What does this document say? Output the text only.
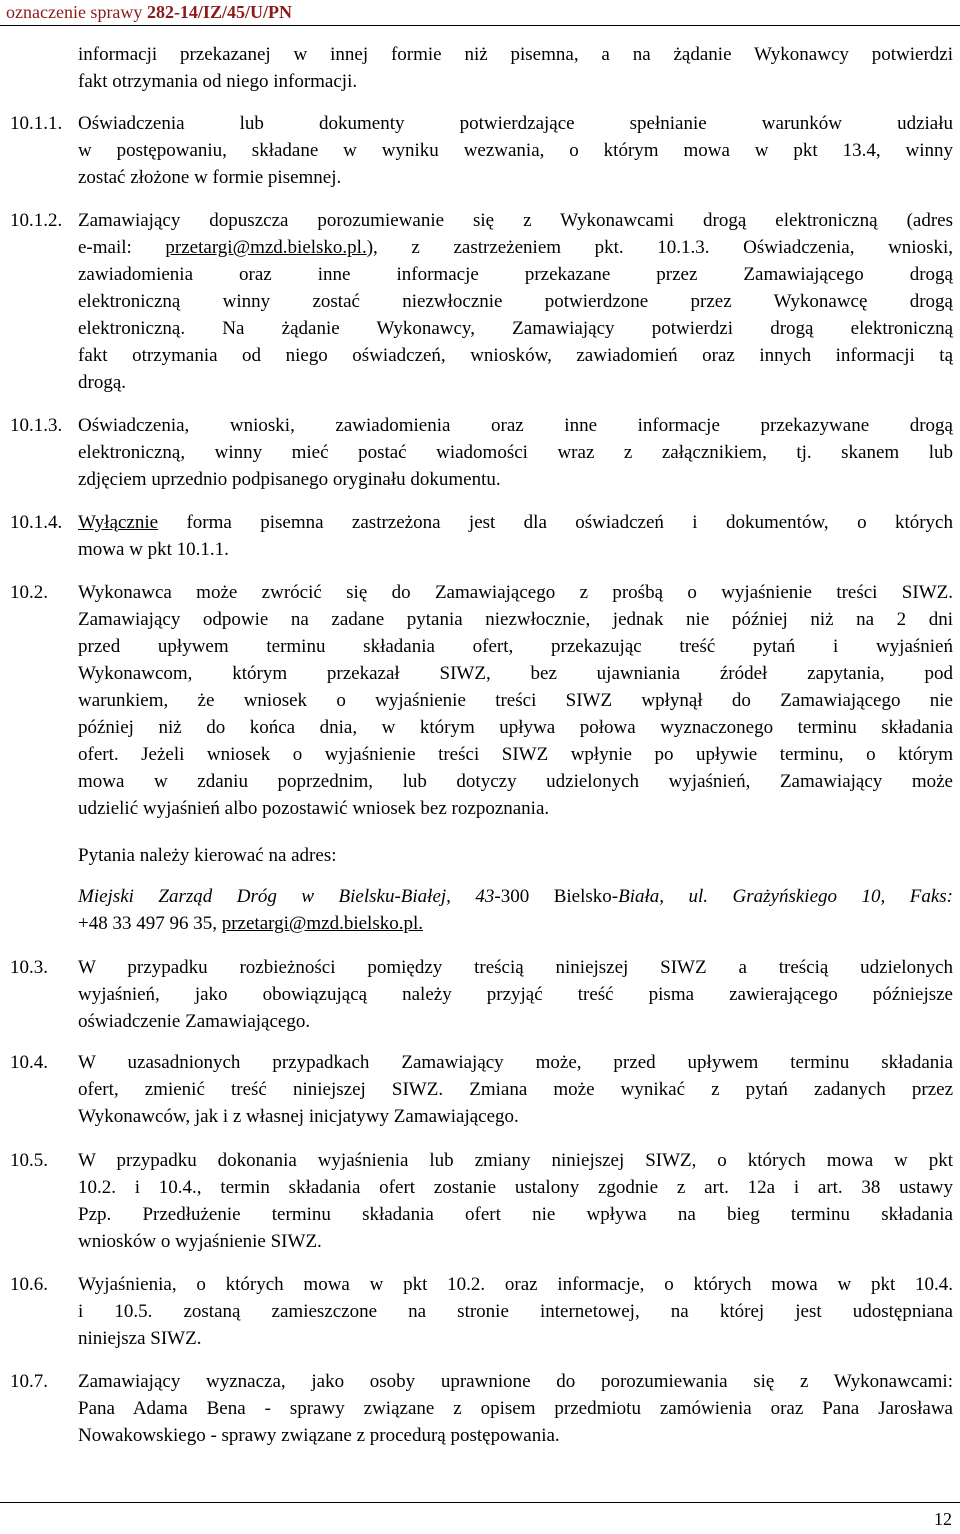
oznaczenie sprawy 282-14/IZ/45/U/PN
informacji przekazanej w innej formie niż pisemna, a na żądanie Wykonawcy potwierdzi
fakt otrzymania od niego informacji.
10.1.1. Oświadczenia lub dokumenty potwierdzające spełnianie warunków udziału
w postępowaniu, składane w wyniku wezwania, o którym mowa w pkt 13.4, winny
zostać złożone w formie pisemnej.
10.1.2. Zamawiający dopuszcza porozumiewanie się z Wykonawcami drogą elektroniczną (adres
e-mail: przetargi@mzd.bielsko.pl.), z zastrzeżeniem pkt. 10.1.3. Oświadczenia, wnioski,
zawiadomienia oraz inne informacje przekazane przez Zamawiającego drogą
elektroniczną winny zostać niezwłocznie potwierdzone przez Wykonawcę drogą
elektroniczną. Na żądanie Wykonawcy, Zamawiający potwierdzi drogą elektroniczną
fakt otrzymania od niego oświadczeń, wniosków, zawiadomień oraz innych informacji tą
drogą.
10.1.3. Oświadczenia, wnioski, zawiadomienia oraz inne informacje przekazywane drogą
elektroniczną, winny mieć postać wiadomości wraz z załącznikiem, tj. skanem lub
zdjęciem uprzednio podpisanego oryginału dokumentu.
10.1.4. Wyłącznie forma pisemna zastrzeżona jest dla oświadczeń i dokumentów, o których
mowa w pkt 10.1.1.
10.2. Wykonawca może zwrócić się do Zamawiającego z prośbą o wyjaśnienie treści SIWZ.
Zamawiający odpowie na zadane pytania niezwłocznie, jednak nie później niż na 2 dni
przed upływem terminu składania ofert, przekazując treść pytań i wyjaśnień
Wykonawcom, którym przekazał SIWZ, bez ujawniania źródeł zapytania, pod
warunkiem, że wniosek o wyjaśnienie treści SIWZ wpłynął do Zamawiającego nie
później niż do końca dnia, w którym upływa połowa wyznaczonego terminu składania
ofert. Jeżeli wniosek o wyjaśnienie treści SIWZ wpłynie po upływie terminu, o którym
mowa w zdaniu poprzednim, lub dotyczy udzielonych wyjaśnień, Zamawiający może
udzielić wyjaśnień albo pozostawić wniosek bez rozpoznania.
Pytania należy kierować na adres:
Miejski Zarząd Dróg w Bielsku-Białej, 43-300 Bielsko-Biała, ul. Grażyńskiego 10, Faks:
+48 33 497 96 35, przetargi@mzd.bielsko.pl.
10.3. W przypadku rozbieżności pomiędzy treścią niniejszej SIWZ a treścią udzielonych
wyjaśnień, jako obowiązującą należy przyjąć treść pisma zawierającego późniejsze
oświadczenie Zamawiającego.
10.4. W uzasadnionych przypadkach Zamawiający może, przed upływem terminu składania
ofert, zmienić treść niniejszej SIWZ. Zmiana może wynikać z pytań zadanych przez
Wykonawców, jak i z własnej inicjatywy Zamawiającego.
10.5. W przypadku dokonania wyjaśnienia lub zmiany niniejszej SIWZ, o których mowa w pkt
10.2. i 10.4., termin składania ofert zostanie ustalony zgodnie z art. 12a i art. 38 ustawy
Pzp. Przedłużenie terminu składania ofert nie wpływa na bieg terminu składania
wniosków o wyjaśnienie SIWZ.
10.6. Wyjaśnienia, o których mowa w pkt 10.2. oraz informacje, o których mowa w pkt 10.4.
i 10.5. zostaną zamieszczone na stronie internetowej, na której jest udostępniana
niniejsza SIWZ.
10.7. Zamawiający wyznacza, jako osoby uprawnione do porozumiewania się z Wykonawcami:
Pana Adama Bena - sprawy związane z opisem przedmiotu zamówienia oraz Pana Jarosława
Nowakowskiego - sprawy związane z procedurą postępowania.
12
